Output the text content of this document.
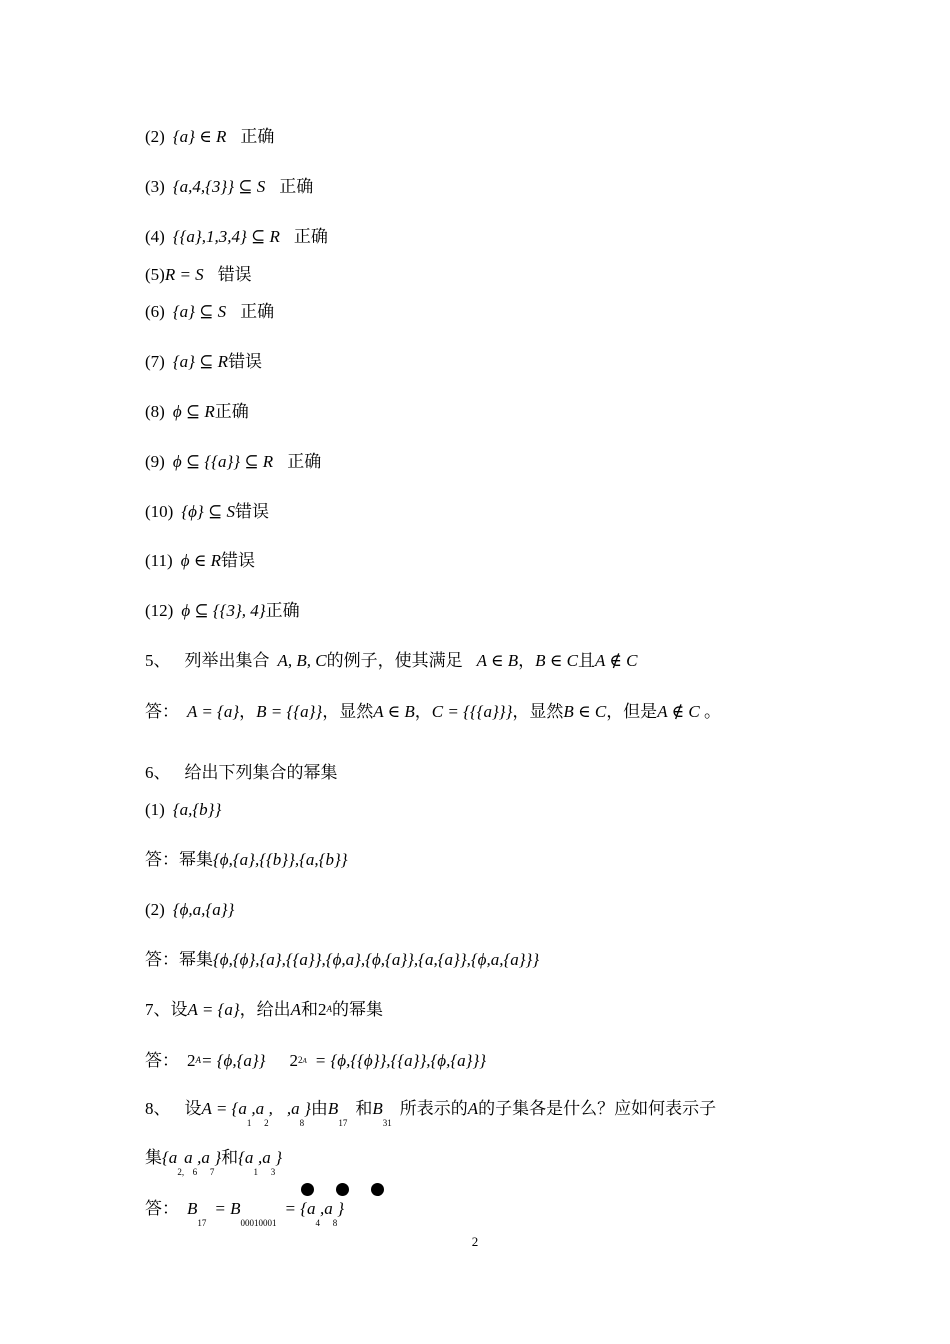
(2) {a} ∈ R 正确
(3) {a,4,{3}} ⊆ S 正确
(4) {{a},1,3,4} ⊆ R 正确
(5)R = S 错误
(6) {a} ⊆ S 正确
(7) {a} ⊆ R错误
(8) ϕ ⊆ R正确
(9) ϕ ⊆ {{a}} ⊆ R 正确
(10) {ϕ} ⊆ S错误
(11) ϕ ∈ R错误
(12) ϕ ⊆ {{3}, 4}正确
5、 列举出集合 A, B, C的例子，使其满足 A ∈ B，B ∈ C且A ∉ C
答： A = {a}，B = {{a}}，显然A ∈ B，C = {{{a}}}，显然B ∈ C，但是A ∉ C 。
6、 给出下列集合的幂集
(1) {a,{b}}
答：幂集{ϕ,{a},{{b}},{a,{b}}
(2) {ϕ,a,{a}}
答：幂集{ϕ,{ϕ},{a},{{a}},{ϕ,a},{ϕ,{a}},{a,{a}},{ϕ,a,{a}}}
7、设A = {a}，给出A和2A的幂集
答： 2A= {ϕ,{a}} 22A = {ϕ,{{ϕ}},{{a}},{ϕ,{a}}}
8、 设$A = \{a_1,a_2$, $,a_8$}由$B_{17}$和$B_{31}$所表示的A的子集各是什么？应如何表示子
集$\{a_{2,}a_6,a_7\}$和$\{a_1,a_3\}$
答： $B_{17}= B_{00010001}= \{a_4,a_8\}$
2
